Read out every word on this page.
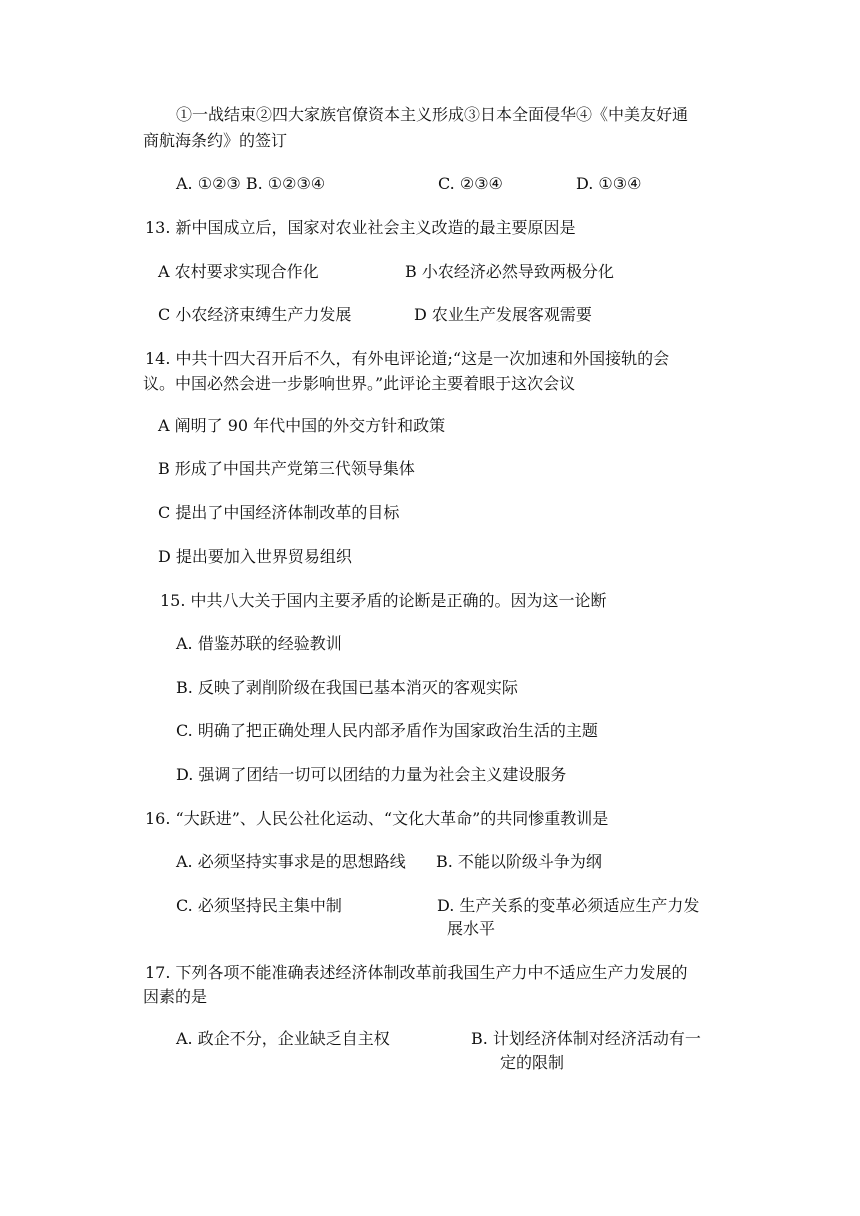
①一战结束②四大家族官僚资本主义形成③日本全面侵华④《中美友好通
商航海条约》的签订
A. ①②③ B. ①②③④	C. ②③④	D. ①③④
13. 新中国成立后，国家对农业社会主义改造的最主要原因是
A 农村要求实现合作化	B 小农经济必然导致两极分化
C 小农经济束缚生产力发展	D 农业生产发展客观需要
14. 中共十四大召开后不久，有外电评论道;“这是一次加速和外国接轨的会
议。中国必然会进一步影响世界。”此评论主要着眼于这次会议
A 阐明了 90 年代中国的外交方针和政策
B 形成了中国共产党第三代领导集体
C 提出了中国经济体制改革的目标
D 提出要加入世界贸易组织
15. 中共八大关于国内主要矛盾的论断是正确的。因为这一论断
A. 借鉴苏联的经验教训
B. 反映了剥削阶级在我国已基本消灭的客观实际
C. 明确了把正确处理人民内部矛盾作为国家政治生活的主题
D. 强调了团结一切可以团结的力量为社会主义建设服务
16. “大跃进”、人民公社化运动、“文化大革命”的共同惨重教训是
A. 必须坚持实事求是的思想路线 B. 不能以阶级斗争为纲
C. 必须坚持民主集中制	D. 生产关系的变革必须适应生产力发
展水平
17. 下列各项不能准确表述经济体制改革前我国生产力中不适应生产力发展的
因素的是
A. 政企不分，企业缺乏自主权	B. 计划经济体制对经济活动有一
定的限制
